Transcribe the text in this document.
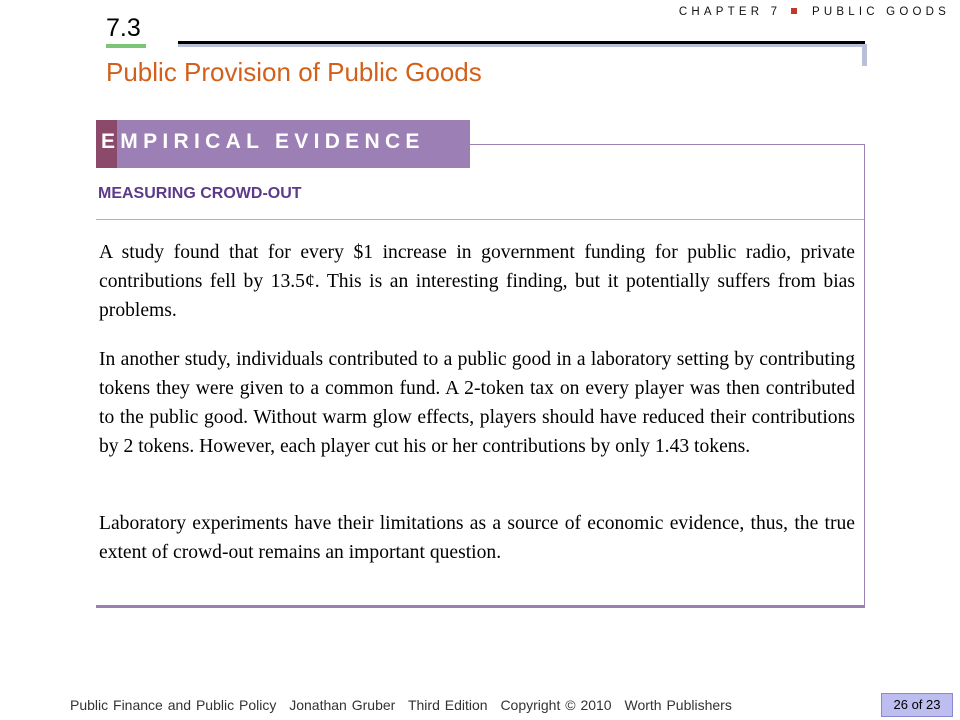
CHAPTER 7	PUBLIC GOODS
7.3
Public Provision of Public Goods
EMPIRICAL EVIDENCE
MEASURING CROWD-OUT
A study found that for every $1 increase in government funding for public radio, private contributions fell by 13.5¢. This is an interesting finding, but it potentially suffers from bias problems.
In another study, individuals contributed to a public good in a laboratory setting by contributing tokens they were given to a common fund. A 2-token tax on every player was then contributed to the public good. Without warm glow effects, players should have reduced their contributions by 2 tokens. However, each player cut his or her contributions by only 1.43 tokens.
Laboratory experiments have their limitations as a source of economic evidence, thus, the true extent of crowd-out remains an important question.
Public Finance and Public Policy Jonathan Gruber Third Edition Copyright © 2010 Worth Publishers	26 of 23
